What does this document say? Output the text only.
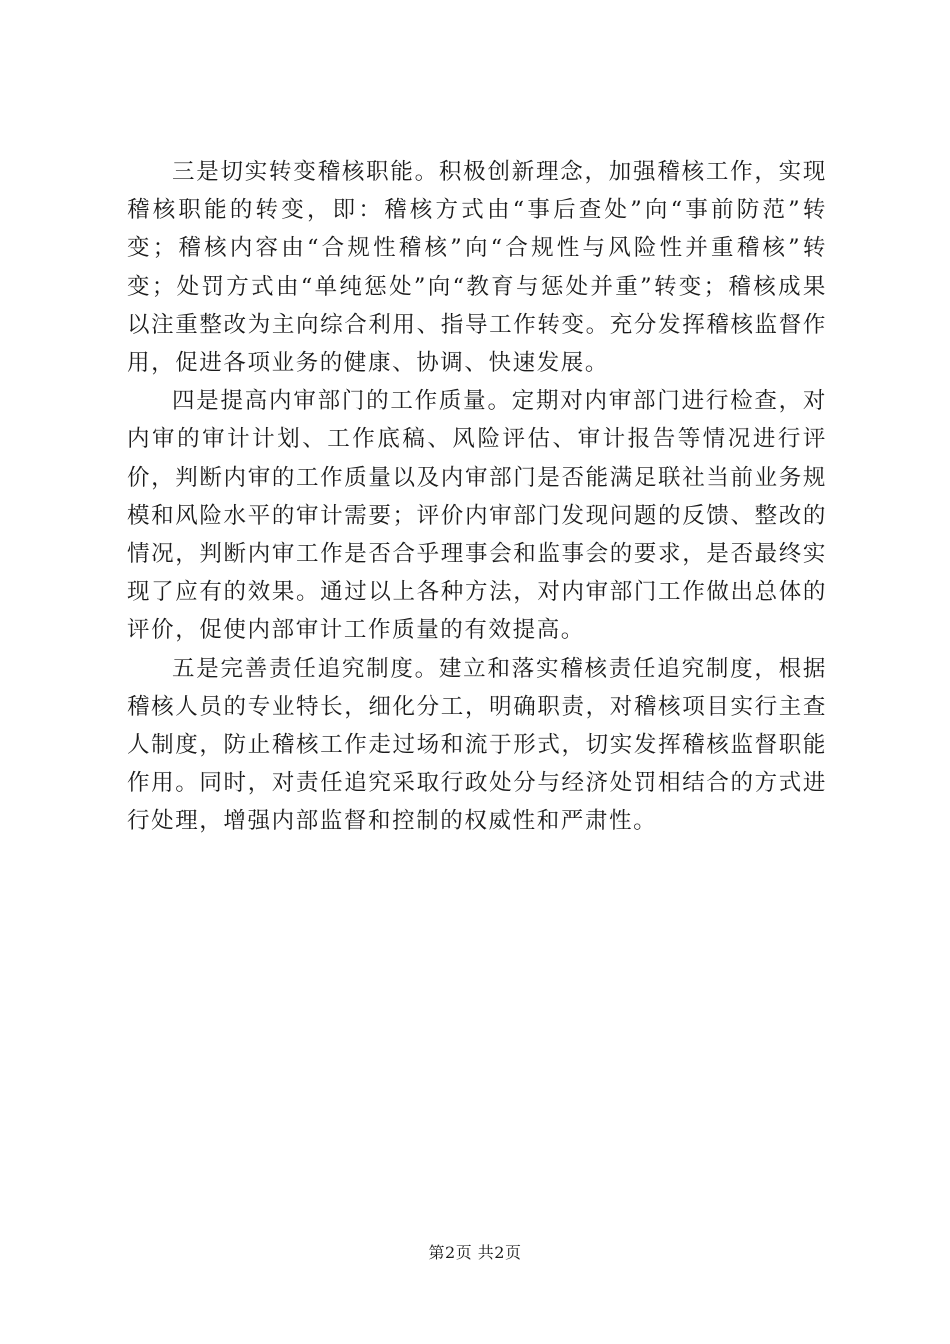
三是切实转变稽核职能。积极创新理念，加强稽核工作，实现稽核职能的转变，即：稽核方式由“事后查处”向“事前防范”转变；稽核内容由“合规性稽核”向“合规性与风险性并重稽核”转变；处罚方式由“单纯惩处”向“教育与惩处并重”转变；稽核成果以注重整改为主向综合利用、指导工作转变。充分发挥稽核监督作用，促进各项业务的健康、协调、快速发展。

四是提高内审部门的工作质量。定期对内审部门进行检查，对内审的审计计划、工作底稿、风险评估、审计报告等情况进行评价，判断内审的工作质量以及内审部门是否能满足联社当前业务规模和风险水平的审计需要；评价内审部门发现问题的反馈、整改的情况，判断内审工作是否合乎理事会和监事会的要求，是否最终实现了应有的效果。通过以上各种方法，对内审部门工作做出总体的评价，促使内部审计工作质量的有效提高。

五是完善责任追究制度。建立和落实稽核责任追究制度，根据稽核人员的专业特长，细化分工，明确职责，对稽核项目实行主查人制度，防止稽核工作走过场和流于形式，切实发挥稽核监督职能作用。同时，对责任追究采取行政处分与经济处罚相结合的方式进行处理，增强内部监督和控制的权威性和严肃性。

第2页 共2页
